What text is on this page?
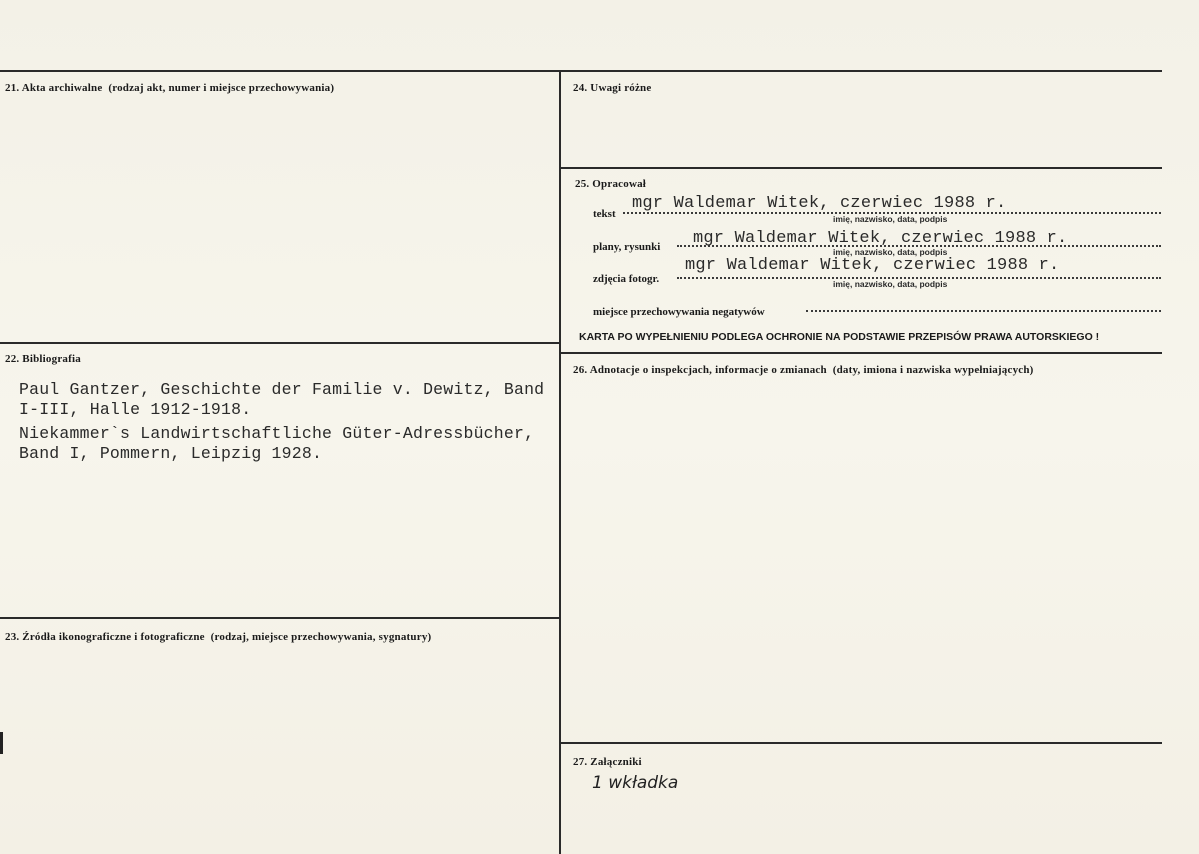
21. Akta archiwalne (rodzaj akt, numer i miejsce przechowywania)
22. Bibliografia
Paul Gantzer, Geschichte der Familie v. Dewitz, Band
I-III, Halle 1912-1918.
Niekammer`s Landwirtschaftliche Güter-Adressbücher,
Band I, Pommern, Leipzig 1928.
23. Źródła ikonograficzne i fotograficzne (rodzaj, miejsce przechowywania, sygnatury)
24. Uwagi różne
25. Opracował
tekst
mgr Waldemar Witek, czerwiec 1988 r.
imię, nazwisko, data, podpis
plany, rysunki mgr Waldemar Witek, czerwiec 1988 r.
imię, nazwisko, data, podpis
zdjęcia fotogr.
mgr Waldemar Witek, czerwiec 1988 r.
imię, nazwisko, data, podpis
miejsce przechowywania negatywów
KARTA PO WYPEŁNIENIU PODLEGA OCHRONIE NA PODSTAWIE PRZEPISÓW PRAWA AUTORSKIEGO !
26. Adnotacje o inspekcjach, informacje o zmianach (daty, imiona i nazwiska wypełniających)
27. Załączniki
1 wkładka
